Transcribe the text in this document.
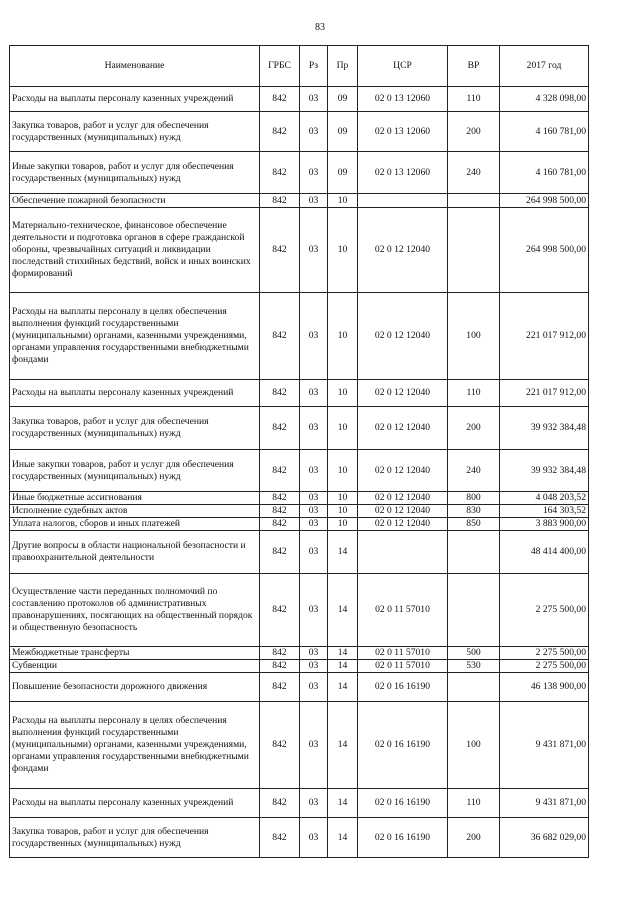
83
Наименование	ГРБС	Рз	Пр	ЦСР	ВР	2017 год
Расходы на выплаты персоналу казенных учреждений	842	03	09	02 0 13 12060	110	4 328 098,00
Закупка товаров, работ и услуг для обеспечения государственных (муниципальных) нужд	842	03	09	02 0 13 12060	200	4 160 781,00
Иные закупки товаров, работ и услуг для обеспечения государственных (муниципальных) нужд	842	03	09	02 0 13 12060	240	4 160 781,00
Обеспечение пожарной безопасности	842	03	10			264 998 500,00
Материально-техническое, финансовое обеспечение деятельности и подготовка органов в сфере гражданской обороны, чрезвычайных ситуаций и ликвидации последствий стихийных бедствий, войск и иных воинских формирований	842	03	10	02 0 12 12040		264 998 500,00
Расходы на выплаты персоналу в целях обеспечения выполнения функций государственными (муниципальными) органами, казенными учреждениями, органами управления государственными внебюджетными фондами	842	03	10	02 0 12 12040	100	221 017 912,00
Расходы на выплаты персоналу казенных учреждений	842	03	10	02 0 12 12040	110	221 017 912,00
Закупка товаров, работ и услуг для обеспечения государственных (муниципальных) нужд	842	03	10	02 0 12 12040	200	39 932 384,48
Иные закупки товаров, работ и услуг для обеспечения государственных (муниципальных) нужд	842	03	10	02 0 12 12040	240	39 932 384,48
Иные бюджетные ассигнования	842	03	10	02 0 12 12040	800	4 048 203,52
Исполнение судебных актов	842	03	10	02 0 12 12040	830	164 303,52
Уплата налогов, сборов и иных платежей	842	03	10	02 0 12 12040	850	3 883 900,00
Другие вопросы в области национальной безопасности и правоохранительной деятельности	842	03	14			48 414 400,00
Осуществление части переданных полномочий по составлению протоколов об административных правонарушениях, посягающих на общественный порядок и общественную безопасность	842	03	14	02 0 11 57010		2 275 500,00
Межбюджетные трансферты	842	03	14	02 0 11 57010	500	2 275 500,00
Субвенции	842	03	14	02 0 11 57010	530	2 275 500,00
Повышение безопасности дорожного движения	842	03	14	02 0 16 16190		46 138 900,00
Расходы на выплаты персоналу в целях обеспечения выполнения функций государственными (муниципальными) органами, казенными учреждениями, органами управления государственными внебюджетными фондами	842	03	14	02 0 16 16190	100	9 431 871,00
Расходы на выплаты персоналу казенных учреждений	842	03	14	02 0 16 16190	110	9 431 871,00
Закупка товаров, работ и услуг для обеспечения государственных (муниципальных) нужд	842	03	14	02 0 16 16190	200	36 682 029,00
